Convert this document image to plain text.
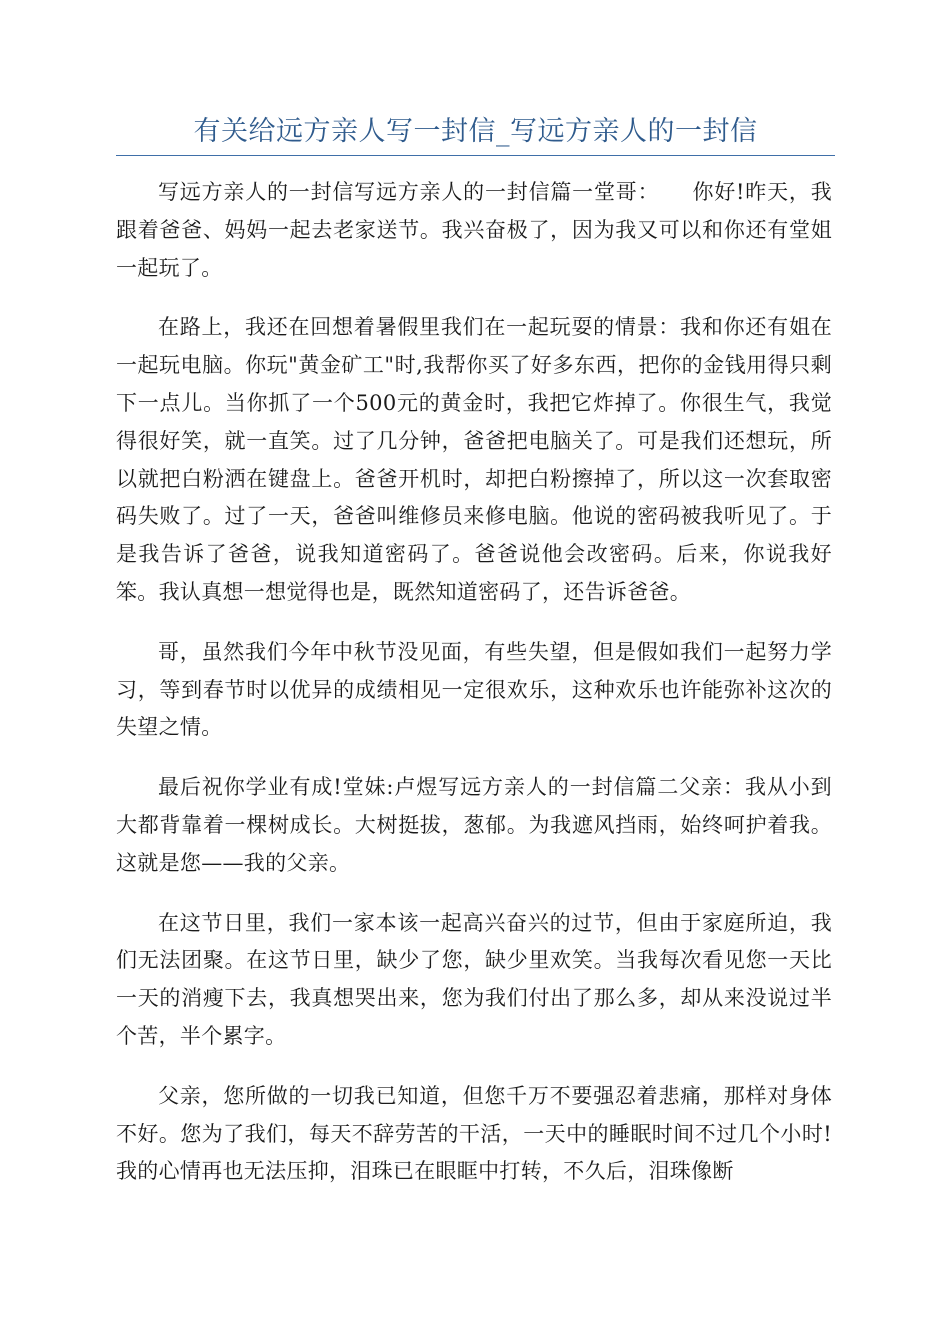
有关给远方亲人写一封信_写远方亲人的一封信

写远方亲人的一封信写远方亲人的一封信篇一堂哥：　　你好!昨天，我跟着爸爸、妈妈一起去老家送节。我兴奋极了，因为我又可以和你还有堂姐一起玩了。

在路上，我还在回想着暑假里我们在一起玩耍的情景：我和你还有姐在一起玩电脑。你玩"黄金矿工"时,我帮你买了好多东西，把你的金钱用得只剩下一点儿。当你抓了一个500元的黄金时，我把它炸掉了。你很生气，我觉得很好笑，就一直笑。过了几分钟，爸爸把电脑关了。可是我们还想玩，所以就把白粉洒在键盘上。爸爸开机时，却把白粉擦掉了，所以这一次套取密码失败了。过了一天，爸爸叫维修员来修电脑。他说的密码被我听见了。于是我告诉了爸爸，说我知道密码了。爸爸说他会改密码。后来，你说我好笨。我认真想一想觉得也是，既然知道密码了，还告诉爸爸。

哥，虽然我们今年中秋节没见面，有些失望，但是假如我们一起努力学习，等到春节时以优异的成绩相见一定很欢乐，这种欢乐也许能弥补这次的失望之情。

最后祝你学业有成!堂妹:卢煜写远方亲人的一封信篇二父亲：我从小到大都背靠着一棵树成长。大树挺拔，葱郁。为我遮风挡雨，始终呵护着我。这就是您——我的父亲。

在这节日里，我们一家本该一起高兴奋兴的过节，但由于家庭所迫，我们无法团聚。在这节日里，缺少了您，缺少里欢笑。当我每次看见您一天比一天的消瘦下去，我真想哭出来，您为我们付出了那么多，却从来没说过半个苦，半个累字。

父亲，您所做的一切我已知道，但您千万不要强忍着悲痛，那样对身体不好。您为了我们，每天不辞劳苦的干活，一天中的睡眠时间不过几个小时!我的心情再也无法压抑，泪珠已在眼眶中打转，不久后，泪珠像断
